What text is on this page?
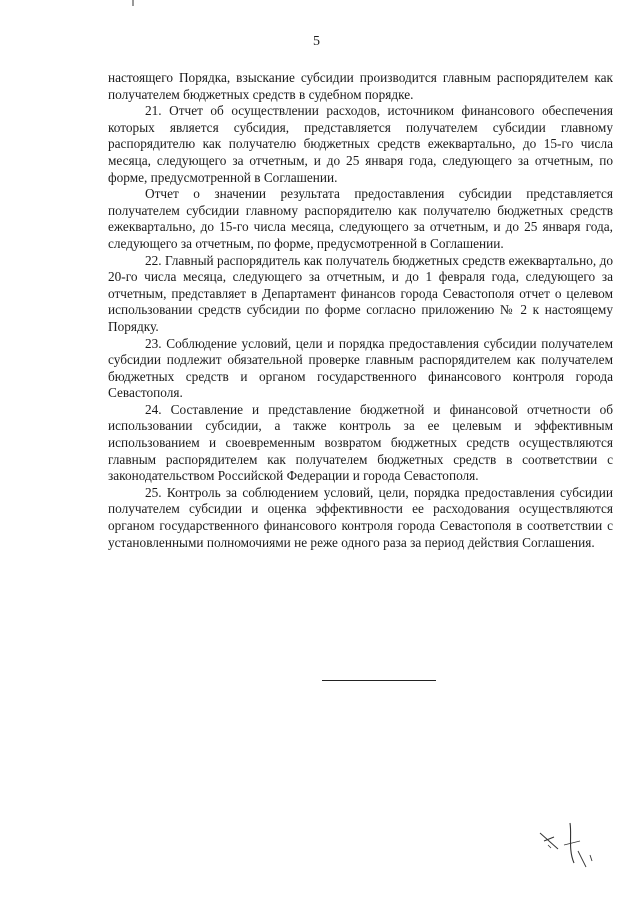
5

настоящего Порядка, взыскание субсидии производится главным распорядителем как получателем бюджетных средств в судебном порядке.

21. Отчет об осуществлении расходов, источником финансового обеспечения которых является субсидия, представляется получателем субсидии главному распорядителю как получателю бюджетных средств ежеквартально, до 15-го числа месяца, следующего за отчетным, и до 25 января года, следующего за отчетным, по форме, предусмотренной в Соглашении.

Отчет о значении результата предоставления субсидии представляется получателем субсидии главному распорядителю как получателю бюджетных средств ежеквартально, до 15-го числа месяца, следующего за отчетным, и до 25 января года, следующего за отчетным, по форме, предусмотренной в Соглашении.

22. Главный распорядитель как получатель бюджетных средств ежеквартально, до 20-го числа месяца, следующего за отчетным, и до 1 февраля года, следующего за отчетным, представляет в Департамент финансов города Севастополя отчет о целевом использовании средств субсидии по форме согласно приложению № 2 к настоящему Порядку.

23. Соблюдение условий, цели и порядка предоставления субсидии получателем субсидии подлежит обязательной проверке главным распорядителем как получателем бюджетных средств и органом государственного финансового контроля города Севастополя.

24. Составление и представление бюджетной и финансовой отчетности об использовании субсидии, а также контроль за ее целевым и эффективным использованием и своевременным возвратом бюджетных средств осуществляются главным распорядителем как получателем бюджетных средств в соответствии с законодательством Российской Федерации и города Севастополя.

25. Контроль за соблюдением условий, цели, порядка предоставления субсидии получателем субсидии и оценка эффективности ее расходования осуществляются органом государственного финансового контроля города Севастополя в соответствии с установленными полномочиями не реже одного раза за период действия Соглашения.
